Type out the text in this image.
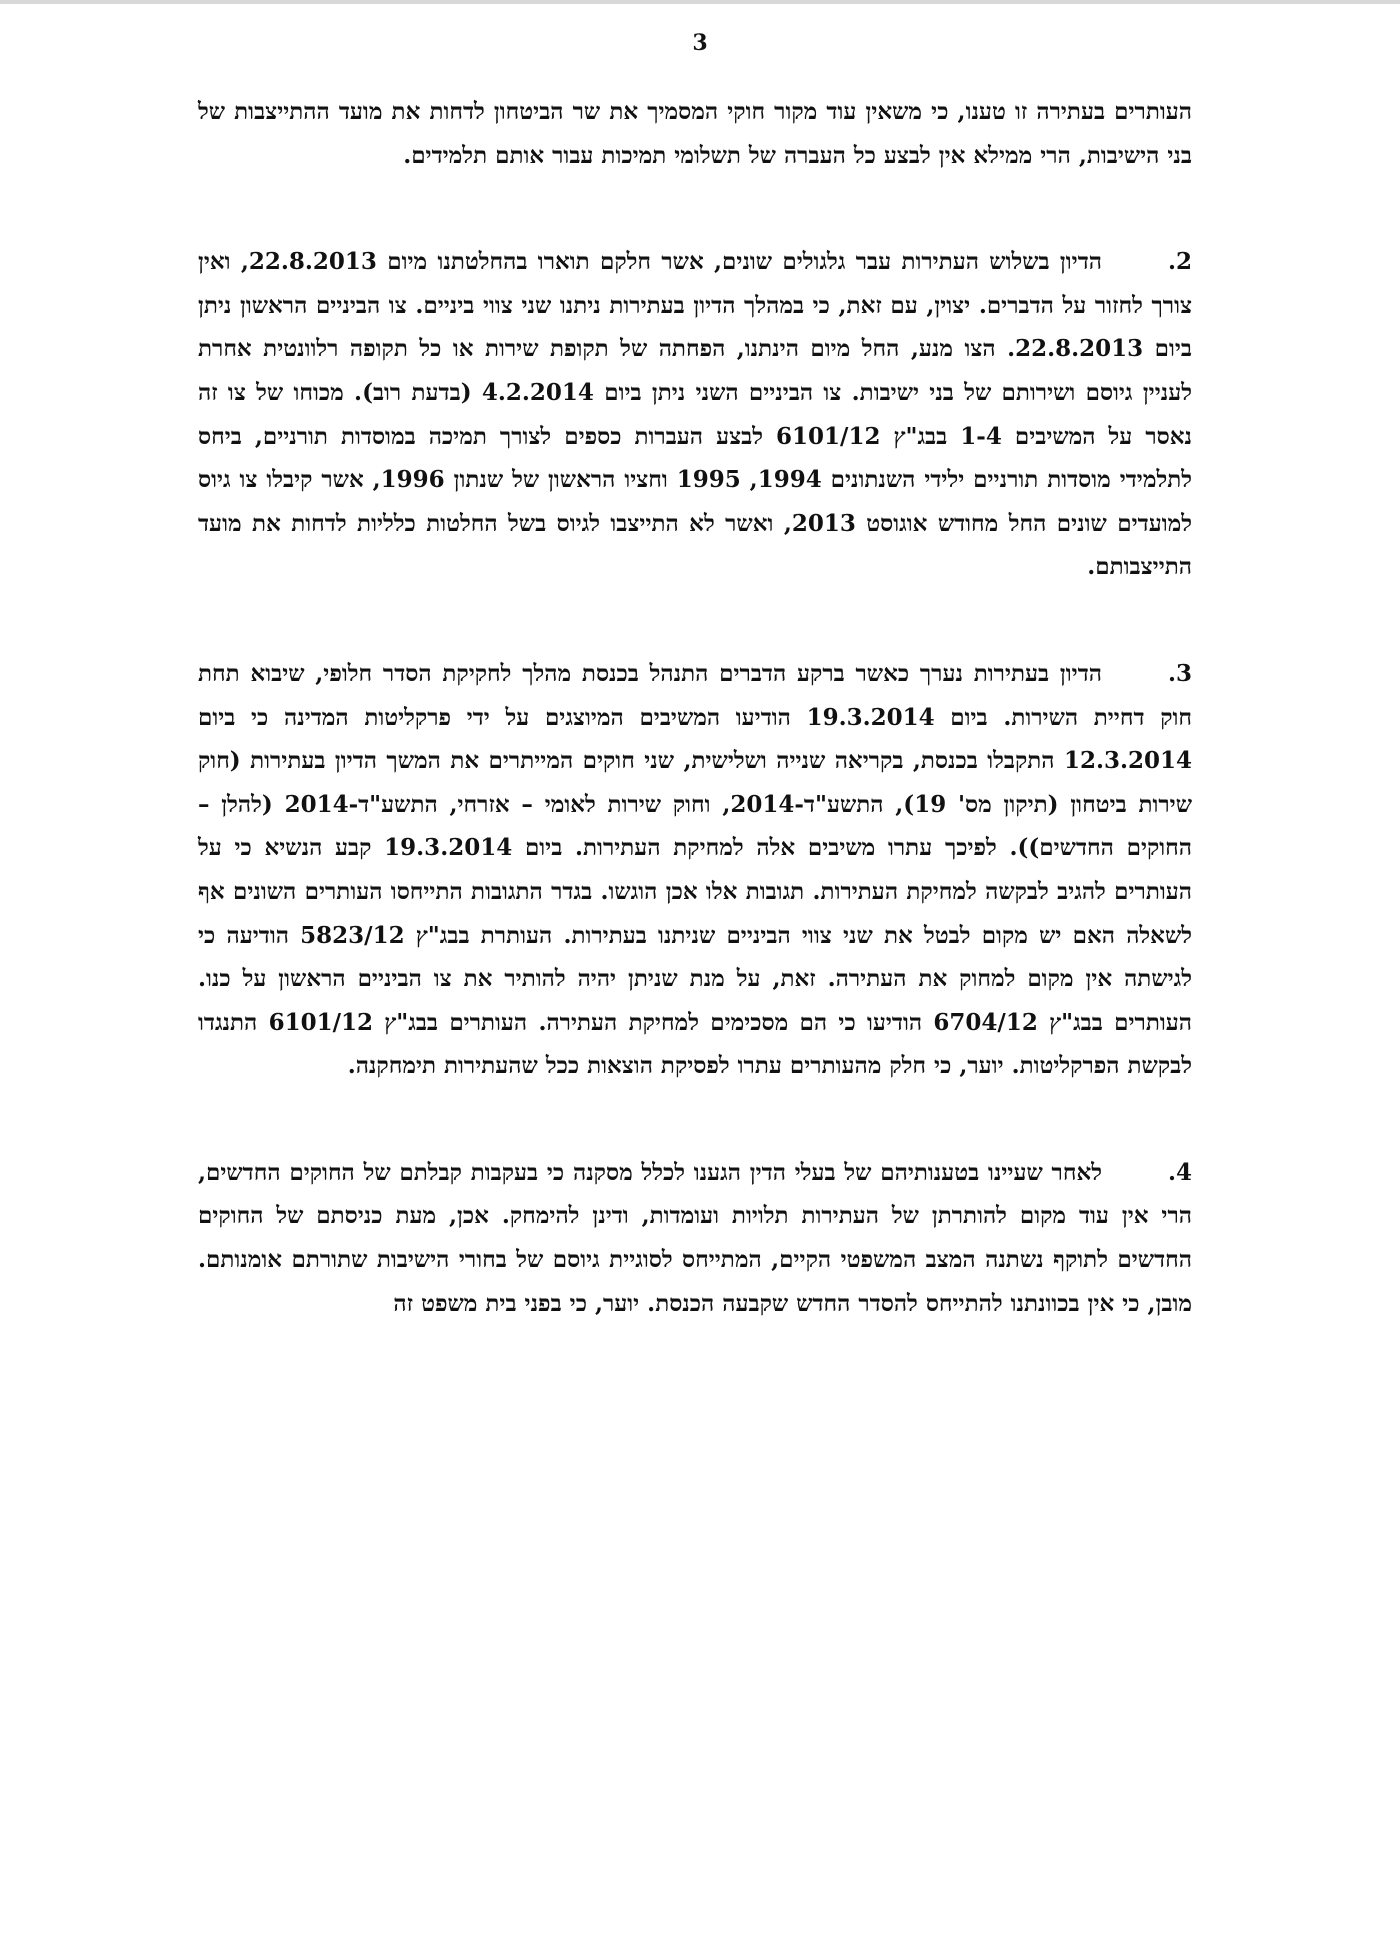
3

העותרים בעתירה זו טענו, כי משאין עוד מקור חוקי המסמיך את שר הביטחון לדחות את מועד ההתייצבות של בני הישיבות, הרי ממילא אין לבצע כל העברה של תשלומי תמיכות עבור אותם תלמידים.

2.

הדיון בשלוש העתירות עבר גלגולים שונים, אשר חלקם תוארו בהחלטתנו מיום 22.8.2013, ואין צורך לחזור על הדברים. יצוין, עם זאת, כי במהלך הדיון בעתירות ניתנו שני צווי ביניים. צו הביניים הראשון ניתן ביום 22.8.2013. הצו מנע, החל מיום הינתנו, הפחתה של תקופת שירות או כל תקופה רלוונטית אחרת לעניין גיוסם ושירותם של בני ישיבות. צו הביניים השני ניתן ביום 4.2.2014 (בדעת רוב). מכוחו של צו זה נאסר על המשיבים 1-4 בבג"ץ 6101/12 לבצע העברות כספים לצורך תמיכה במוסדות תורניים, ביחס לתלמידי מוסדות תורניים ילידי השנתונים 1994, 1995 וחציו הראשון של שנתון 1996, אשר קיבלו צו גיוס למועדים שונים החל מחודש אוגוסט 2013, ואשר לא התייצבו לגיוס בשל החלטות כלליות לדחות את מועד התייצבותם.

3.

הדיון בעתירות נערך כאשר ברקע הדברים התנהל בכנסת מהלך לחקיקת הסדר חלופי, שיבוא תחת חוק דחיית השירות. ביום 19.3.2014 הודיעו המשיבים המיוצגים על ידי פרקליטות המדינה כי ביום 12.3.2014 התקבלו בכנסת, בקריאה שנייה ושלישית, שני חוקים המייתרים את המשך הדיון בעתירות (חוק שירות ביטחון (תיקון מס' 19), התשע"ד-2014, וחוק שירות לאומי – אזרחי, התשע"ד-2014 (להלן – החוקים החדשים)). לפיכך עתרו משיבים אלה למחיקת העתירות. ביום 19.3.2014 קבע הנשיא כי על העותרים להגיב לבקשה למחיקת העתירות. תגובות אלו אכן הוגשו. בגדר התגובות התייחסו העותרים השונים אף לשאלה האם יש מקום לבטל את שני צווי הביניים שניתנו בעתירות. העותרת בבג"ץ 5823/12 הודיעה כי לגישתה אין מקום למחוק את העתירה. זאת, על מנת שניתן יהיה להותיר את צו הביניים הראשון על כנו. העותרים בבג"ץ 6704/12 הודיעו כי הם מסכימים למחיקת העתירה. העותרים בבג"ץ 6101/12 התנגדו לבקשת הפרקליטות. יוער, כי חלק מהעותרים עתרו לפסיקת הוצאות ככל שהעתירות תימחקנה.

4.

לאחר שעיינו בטענותיהם של בעלי הדין הגענו לכלל מסקנה כי בעקבות קבלתם של החוקים החדשים, הרי אין עוד מקום להותרתן של העתירות תלויות ועומדות, ודינן להימחק. אכן, מעת כניסתם של החוקים החדשים לתוקף נשתנה המצב המשפטי הקיים, המתייחס לסוגיית גיוסם של בחורי הישיבות שתורתם אומנותם. מובן, כי אין בכוונתנו להתייחס להסדר החדש שקבעה הכנסת. יוער, כי בפני בית משפט זה
